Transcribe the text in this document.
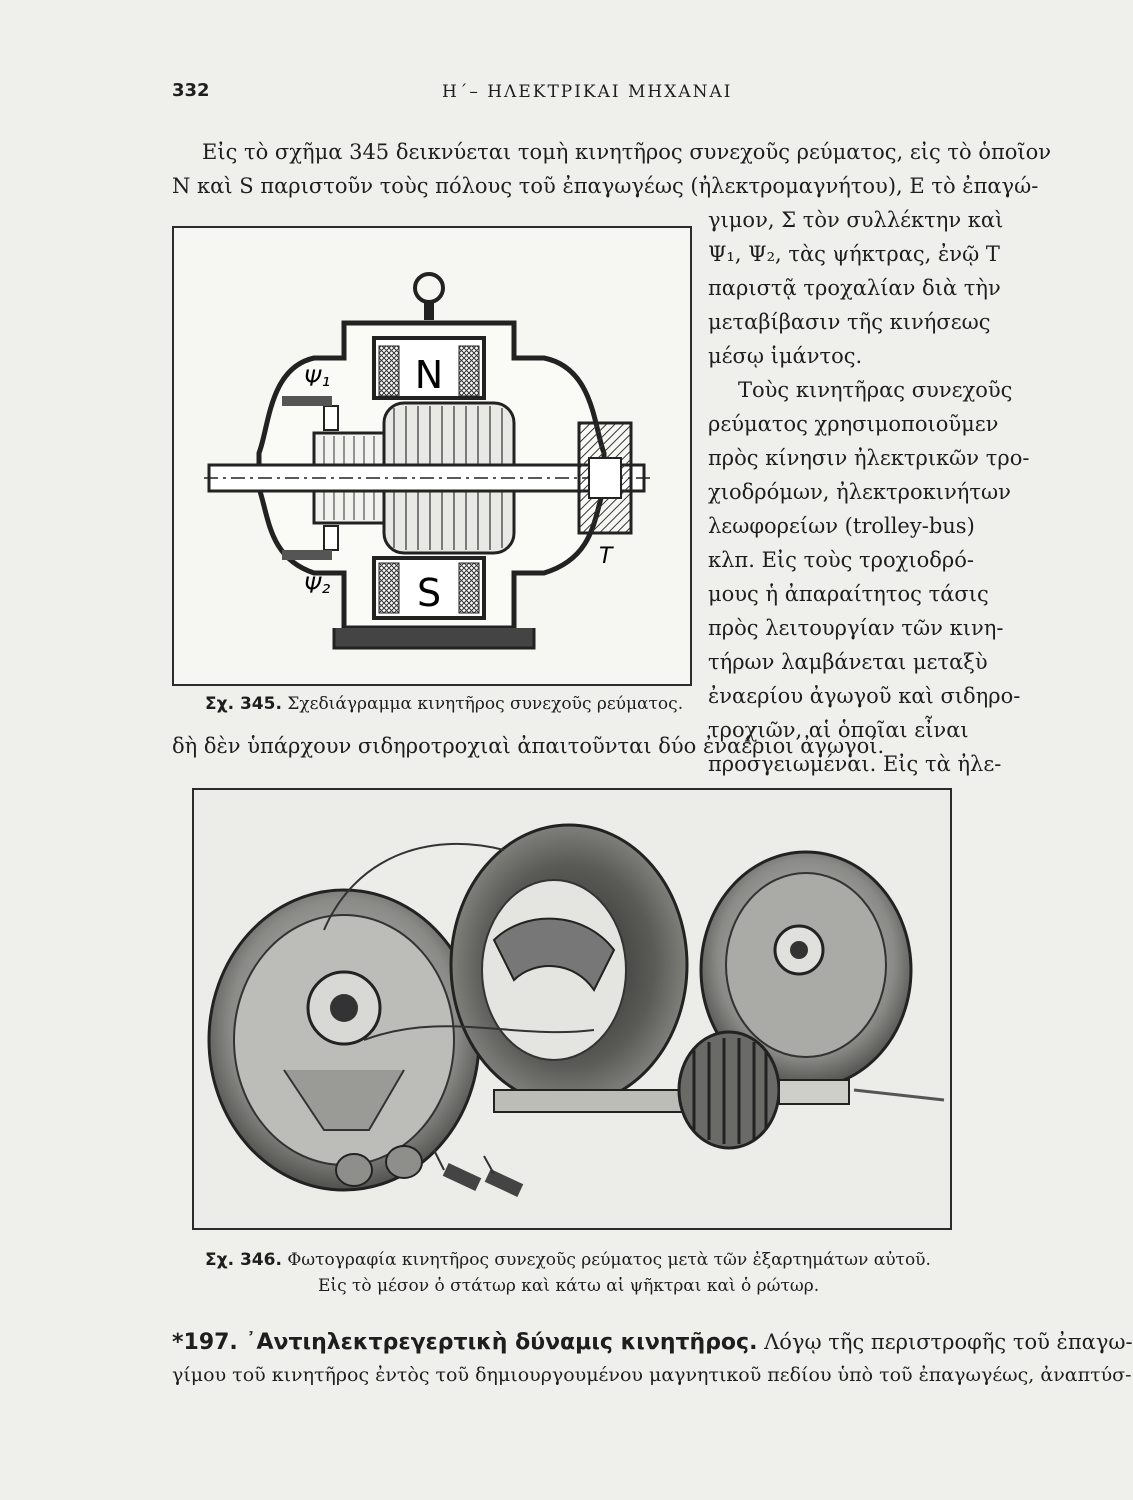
332	Η΄– ΗΛΕΚΤΡΙΚΑΙ ΜΗΧΑΝΑΙ
Εἰς τὸ σχῆμα 345 δεικνύεται τομὴ κινητῆρος συνεχοῦς ρεύματος, εἰς τὸ ὁποῖον
N καὶ S παριστοῦν τοὺς πόλους τοῦ ἐπαγωγέως (ἠλεκτρομαγνήτου), E τὸ ἐπαγώ-
N
S
Ψ₁
Ψ₂
T
γιμον, Σ τὸν συλλέκτην καὶ
Ψ₁, Ψ₂, τὰς ψήκτρας, ἐνῷ T
παριστᾷ τροχαλίαν διὰ τὴν
μεταβίβασιν τῆς κινήσεως
μέσῳ ἱμάντος.
Τοὺς κινητῆρας συνεχοῦς
ρεύματος χρησιμοποιοῦμεν
πρὸς κίνησιν ἠλεκτρικῶν τρο-
χιοδρόμων, ἠλεκτροκινήτων
λεωφορείων (trolley-bus)
κλπ. Εἰς τοὺς τροχιοδρό-
μους ἡ ἀπαραίτητος τάσις
πρὸς λειτουργίαν τῶν κινη-
τήρων λαμβάνεται μεταξὺ
ἐναερίου ἀγωγοῦ καὶ σιδηρο-
τροχιῶν, αἱ ὁποῖαι εἶναι
προσγειωμέναι. Εἰς τὰ ἠλε-
Σχ. 345. Σχεδιάγραμμα κινητῆρος συνεχοῦς ρεύματος.
δὴ δὲν ὑπάρχουν σιδηροτροχιαὶ ἀπαιτοῦνται δύο ἐναέριοι ἀγωγοί.
Σχ. 346. Φωτογραφία κινητῆρος συνεχοῦς ρεύματος μετὰ τῶν ἐξαρτημάτων αὐτοῦ.
Εἰς τὸ μέσον ὁ στάτωρ καὶ κάτω αἱ ψῆκτραι καὶ ὁ ρώτωρ.
*197. ᾿Αντιηλεκτρεγερτικὴ δύναμις κινητῆρος. Λόγῳ τῆς περιστροφῆς τοῦ ἐπαγω-
γίμου τοῦ κινητῆρος ἐντὸς τοῦ δημιουργουμένου μαγνητικοῦ πεδίου ὑπὸ τοῦ ἐπαγωγέως, ἀναπτύσ-
